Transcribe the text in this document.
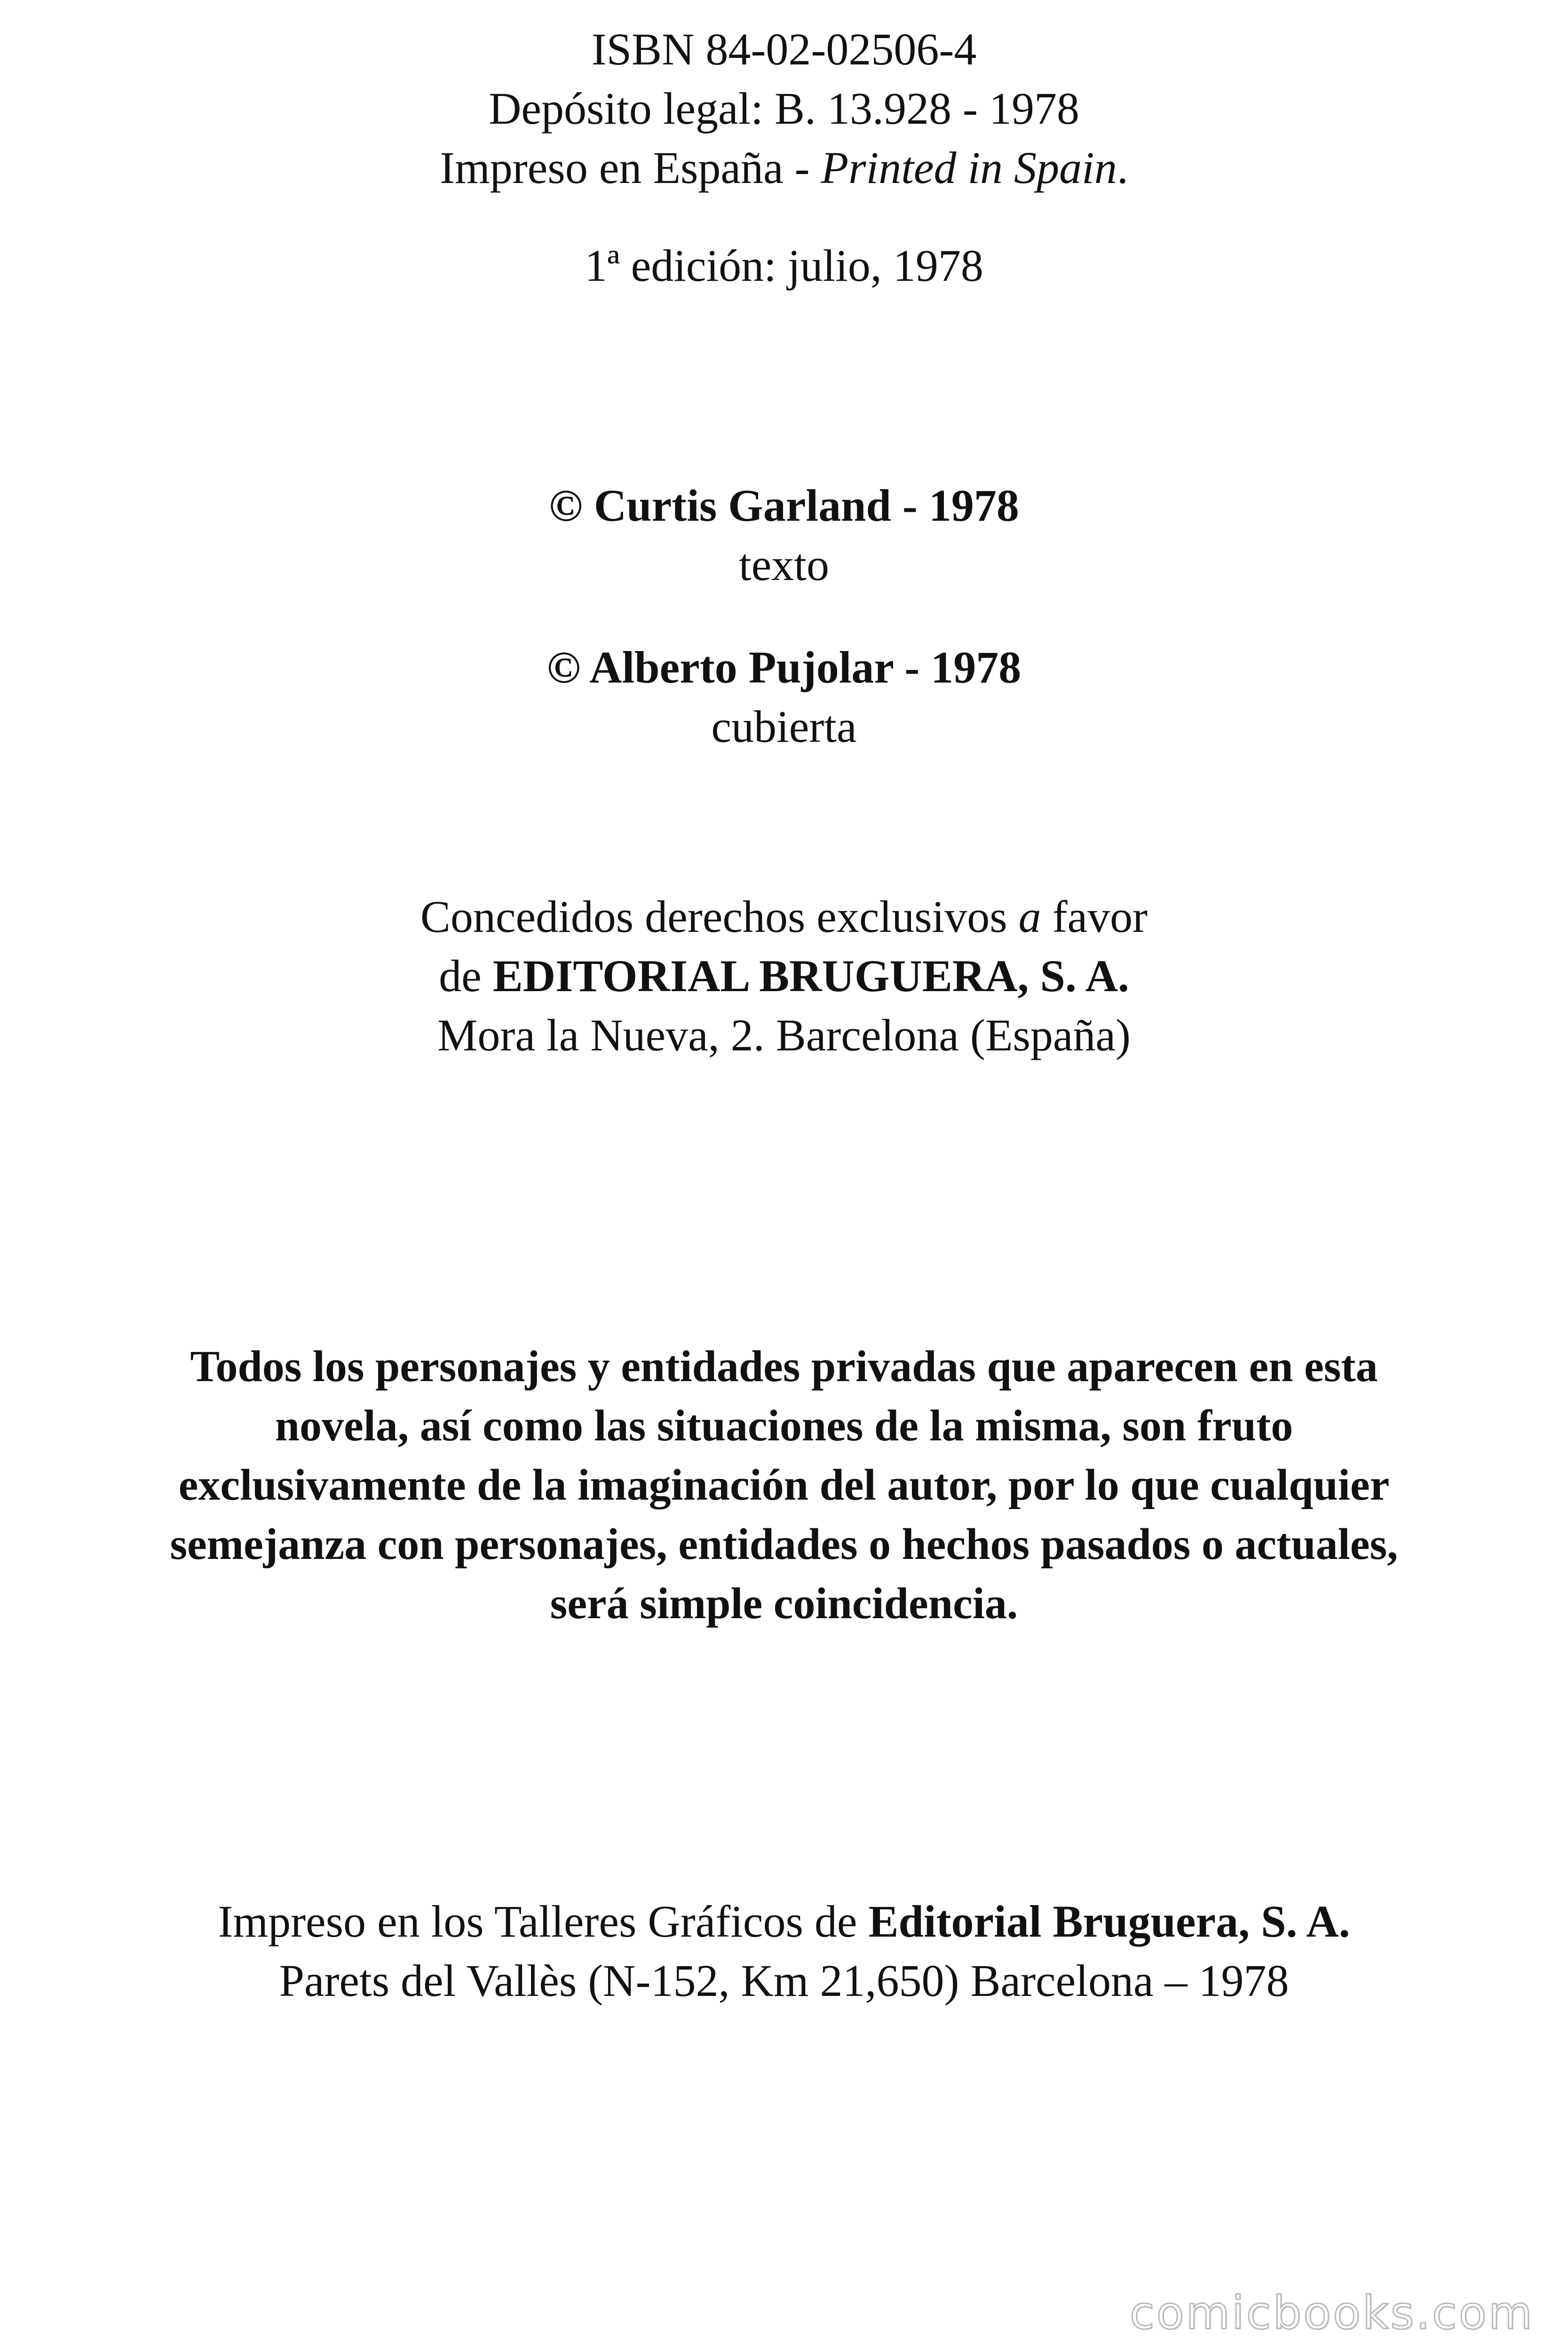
ISBN 84-02-02506-4
Depósito legal: B. 13.928 - 1978
Impreso en España - Printed in Spain.
1ª edición: julio, 1978
© Curtis Garland - 1978
texto
© Alberto Pujolar - 1978
cubierta
Concedidos derechos exclusivos a favor
de EDITORIAL BRUGUERA, S. A.
Mora la Nueva, 2. Barcelona (España)
Todos los personajes y entidades privadas que aparecen en esta
novela, así como las situaciones de la misma, son fruto
exclusivamente de la imaginación del autor, por lo que cualquier
semejanza con personajes, entidades o hechos pasados o actuales,
será simple coincidencia.
Impreso en los Talleres Gráficos de Editorial Bruguera, S. A.
Parets del Vallès (N-152, Km 21,650) Barcelona – 1978
comicbooks.com
